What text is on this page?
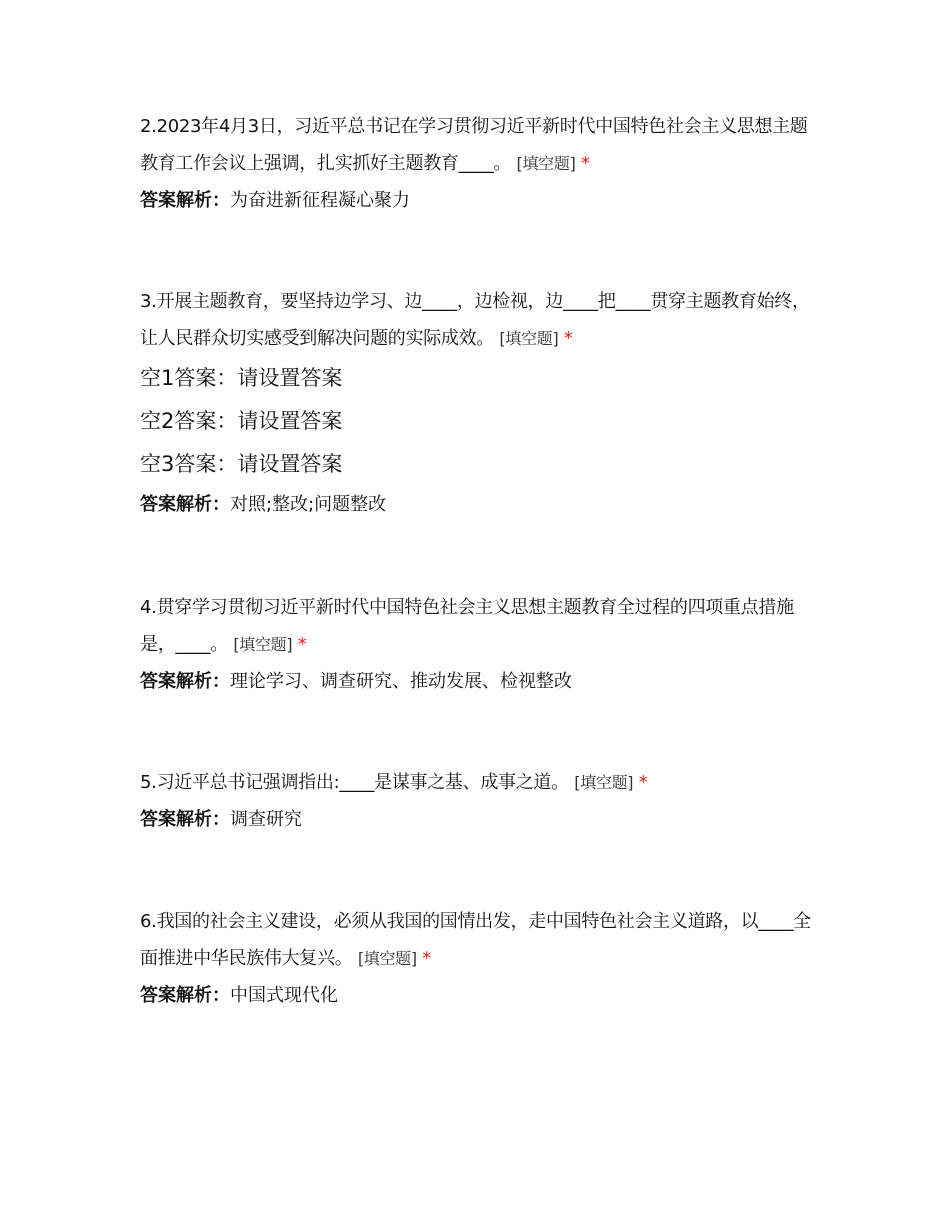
2.2023年4月3日，习近平总书记在学习贯彻习近平新时代中国特色社会主义思想主题教育工作会议上强调，扎实抓好主题教育____。 [填空题] *
答案解析：为奋进新征程凝心聚力
3.开展主题教育，要坚持边学习、边____，边检视，边____把____贯穿主题教育始终，让人民群众切实感受到解决问题的实际成效。 [填空题] *
空1答案：请设置答案
空2答案：请设置答案
空3答案：请设置答案
答案解析：对照;整改;问题整改
4.贯穿学习贯彻习近平新时代中国特色社会主义思想主题教育全过程的四项重点措施是，____。 [填空题] *
答案解析：理论学习、调查研究、推动发展、检视整改
5.习近平总书记强调指出:____是谋事之基、成事之道。 [填空题] *
答案解析：调查研究
6.我国的社会主义建设，必须从我国的国情出发，走中国特色社会主义道路，以____全面推进中华民族伟大复兴。 [填空题] *
答案解析：中国式现代化
